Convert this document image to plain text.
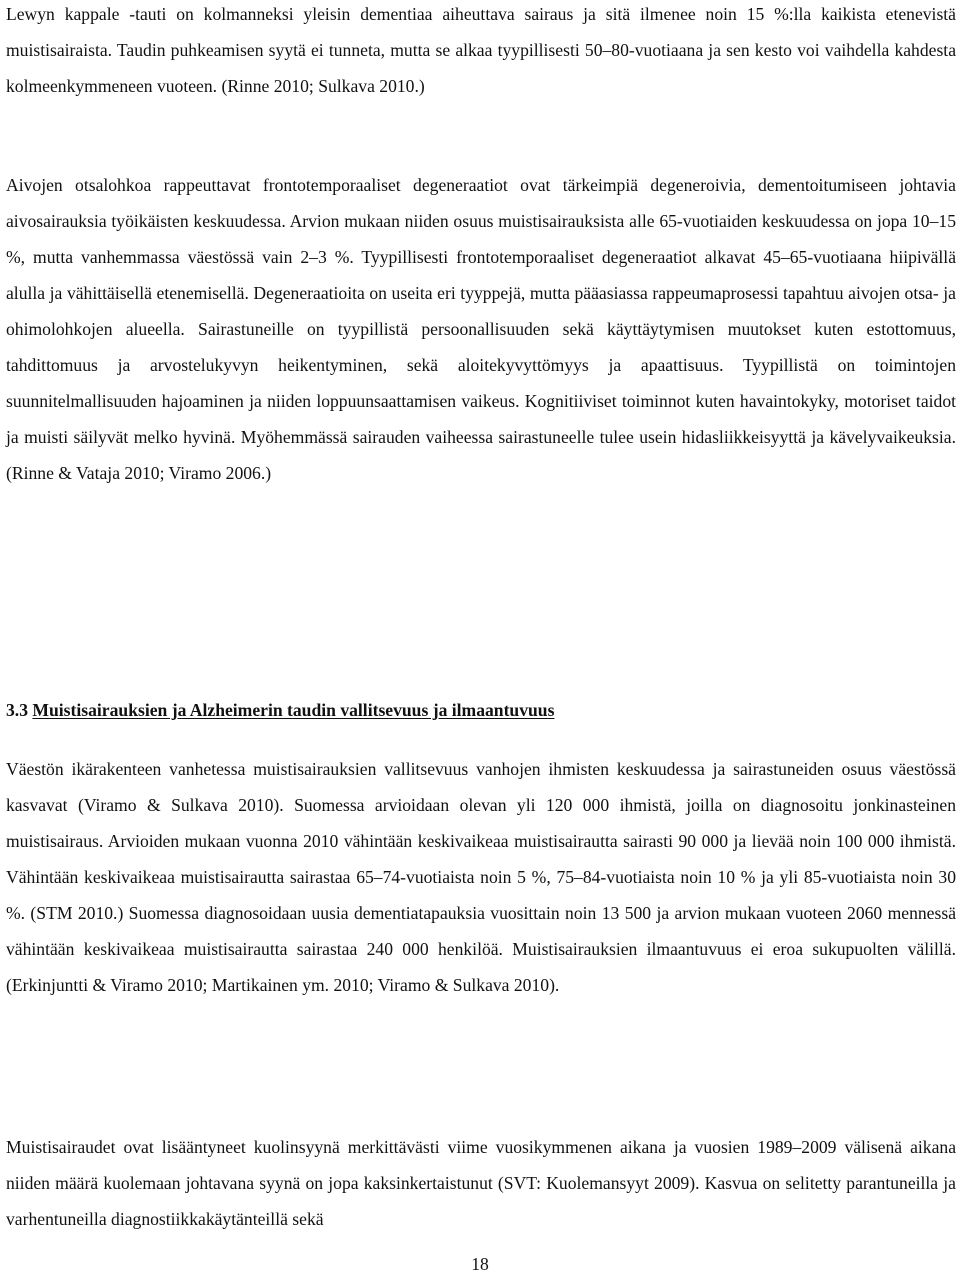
Lewyn kappale -tauti on kolmanneksi yleisin dementiaa aiheuttava sairaus ja sitä ilmenee noin 15 %:lla kaikista etenevistä muistisairaista. Taudin puhkeamisen syytä ei tunneta, mutta se alkaa tyypillisesti 50–80-vuotiaana ja sen kesto voi vaihdella kahdesta kolmeenkymmeneen vuoteen. (Rinne 2010; Sulkava 2010.)

Aivojen otsalohkoa rappeuttavat frontotemporaaliset degeneraatiot ovat tärkeimpiä degeneroivia, dementoitumiseen johtavia aivosairauksia työikäisten keskuudessa. Arvion mukaan niiden osuus muistisairauksista alle 65-vuotiaiden keskuudessa on jopa 10–15 %, mutta vanhemmassa väestössä vain 2–3 %. Tyypillisesti frontotemporaaliset degeneraatiot alkavat 45–65-vuotiaana hiipivällä alulla ja vähittäisellä etenemisellä. Degeneraatioita on useita eri tyyppejä, mutta pääasiassa rappeumaprosessi tapahtuu aivojen otsa- ja ohimolohkojen alueella. Sairastuneille on tyypillistä persoonallisuuden sekä käyttäytymisen muutokset kuten estottomuus, tahdittomuus ja arvostelukyvyn heikentyminen, sekä aloitekyvyttömyys ja apaattisuus. Tyypillistä on toimintojen suunnitelmallisuuden hajoaminen ja niiden loppuunsaattamisen vaikeus. Kognitiiviset toiminnot kuten havaintokyky, motoriset taidot ja muisti säilyvät melko hyvinä. Myöhemmässä sairauden vaiheessa sairastuneelle tulee usein hidasliikkeisyyttä ja kävelyvaikeuksia. (Rinne & Vataja 2010; Viramo 2006.)

3.3 Muistisairauksien ja Alzheimerin taudin vallitsevuus ja ilmaantuvuus

Väestön ikärakenteen vanhetessa muistisairauksien vallitsevuus vanhojen ihmisten keskuudessa ja sairastuneiden osuus väestössä kasvavat (Viramo & Sulkava 2010). Suomessa arvioidaan olevan yli 120 000 ihmistä, joilla on diagnosoitu jonkinasteinen muistisairaus. Arvioiden mukaan vuonna 2010 vähintään keskivaikeaa muistisairautta sairasti 90 000 ja lievää noin 100 000 ihmistä. Vähintään keskivaikeaa muistisairautta sairastaa 65–74-vuotiaista noin 5 %, 75–84-vuotiaista noin 10 % ja yli 85-vuotiaista noin 30 %. (STM 2010.) Suomessa diagnosoidaan uusia dementiatapauksia vuosittain noin 13 500 ja arvion mukaan vuoteen 2060 mennessä vähintään keskivaikeaa muistisairautta sairastaa 240 000 henkilöä. Muistisairauksien ilmaantuvuus ei eroa sukupuolten välillä. (Erkinjuntti & Viramo 2010; Martikainen ym. 2010; Viramo & Sulkava 2010).

Muistisairaudet ovat lisääntyneet kuolinsyynä merkittävästi viime vuosikymmenen aikana ja vuosien 1989–2009 välisenä aikana niiden määrä kuolemaan johtavana syynä on jopa kaksinkertaistunut (SVT: Kuolemansyyt 2009). Kasvua on selitetty parantuneilla ja varhentuneilla diagnostiikkakäytänteillä sekä

18
